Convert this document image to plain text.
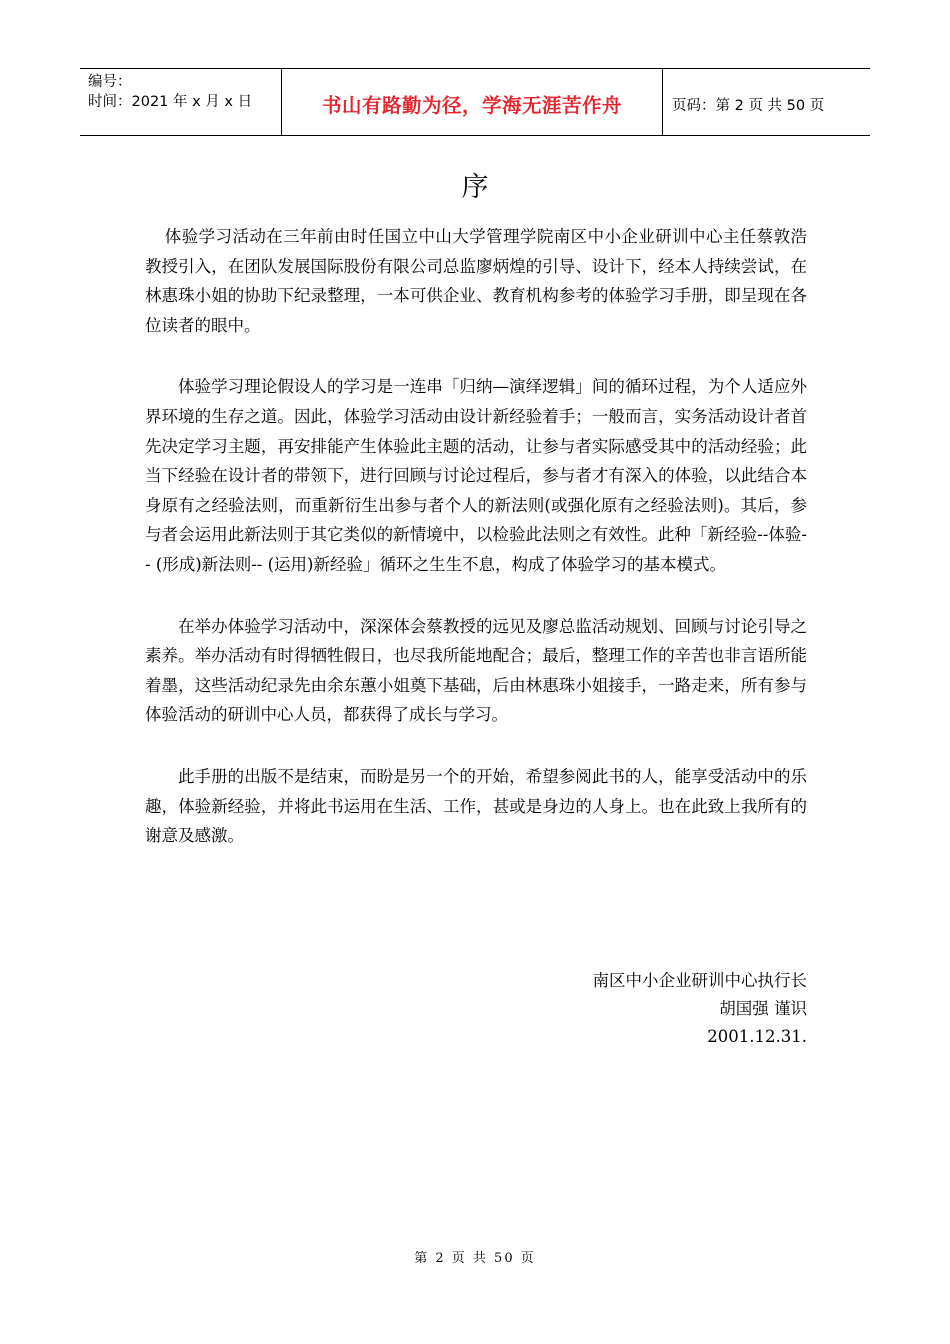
编号：
时间：2021 年 x 月 x 日	书山有路勤为径，学海无涯苦作舟	页码：第 2 页 共 50 页
序

体验学习活动在三年前由时任国立中山大学管理学院南区中小企业研训中心主任蔡敦浩教授引入，在团队发展国际股份有限公司总监廖炳煌的引导、设计下，经本人持续尝试，在林惠珠小姐的协助下纪录整理，一本可供企业、教育机构参考的体验学习手册，即呈现在各位读者的眼中。

体验学习理论假设人的学习是一连串「归纳—演绎逻辑」间的循环过程，为个人适应外界环境的生存之道。因此，体验学习活动由设计新经验着手；一般而言，实务活动设计者首先决定学习主题，再安排能产生体验此主题的活动，让参与者实际感受其中的活动经验；此当下经验在设计者的带领下，进行回顾与讨论过程后，参与者才有深入的体验，以此结合本身原有之经验法则，而重新衍生出参与者个人的新法则(或强化原有之经验法则)。其后，参与者会运用此新法则于其它类似的新情境中，以检验此法则之有效性。此种「新经验--体验-- (形成)新法则-- (运用)新经验」循环之生生不息，构成了体验学习的基本模式。

在举办体验学习活动中，深深体会蔡教授的远见及廖总监活动规划、回顾与讨论引导之素养。举办活动有时得牺牲假日，也尽我所能地配合；最后，整理工作的辛苦也非言语所能着墨，这些活动纪录先由余东蕙小姐奠下基础，后由林惠珠小姐接手，一路走来，所有参与体验活动的研训中心人员，都获得了成长与学习。

此手册的出版不是结束，而盼是另一个的开始，希望参阅此书的人，能享受活动中的乐趣，体验新经验，并将此书运用在生活、工作，甚或是身边的人身上。也在此致上我所有的谢意及感激。

南区中小企业研训中心执行长
胡国强 谨识
2001.12.31.
第 2 页 共 50 页
